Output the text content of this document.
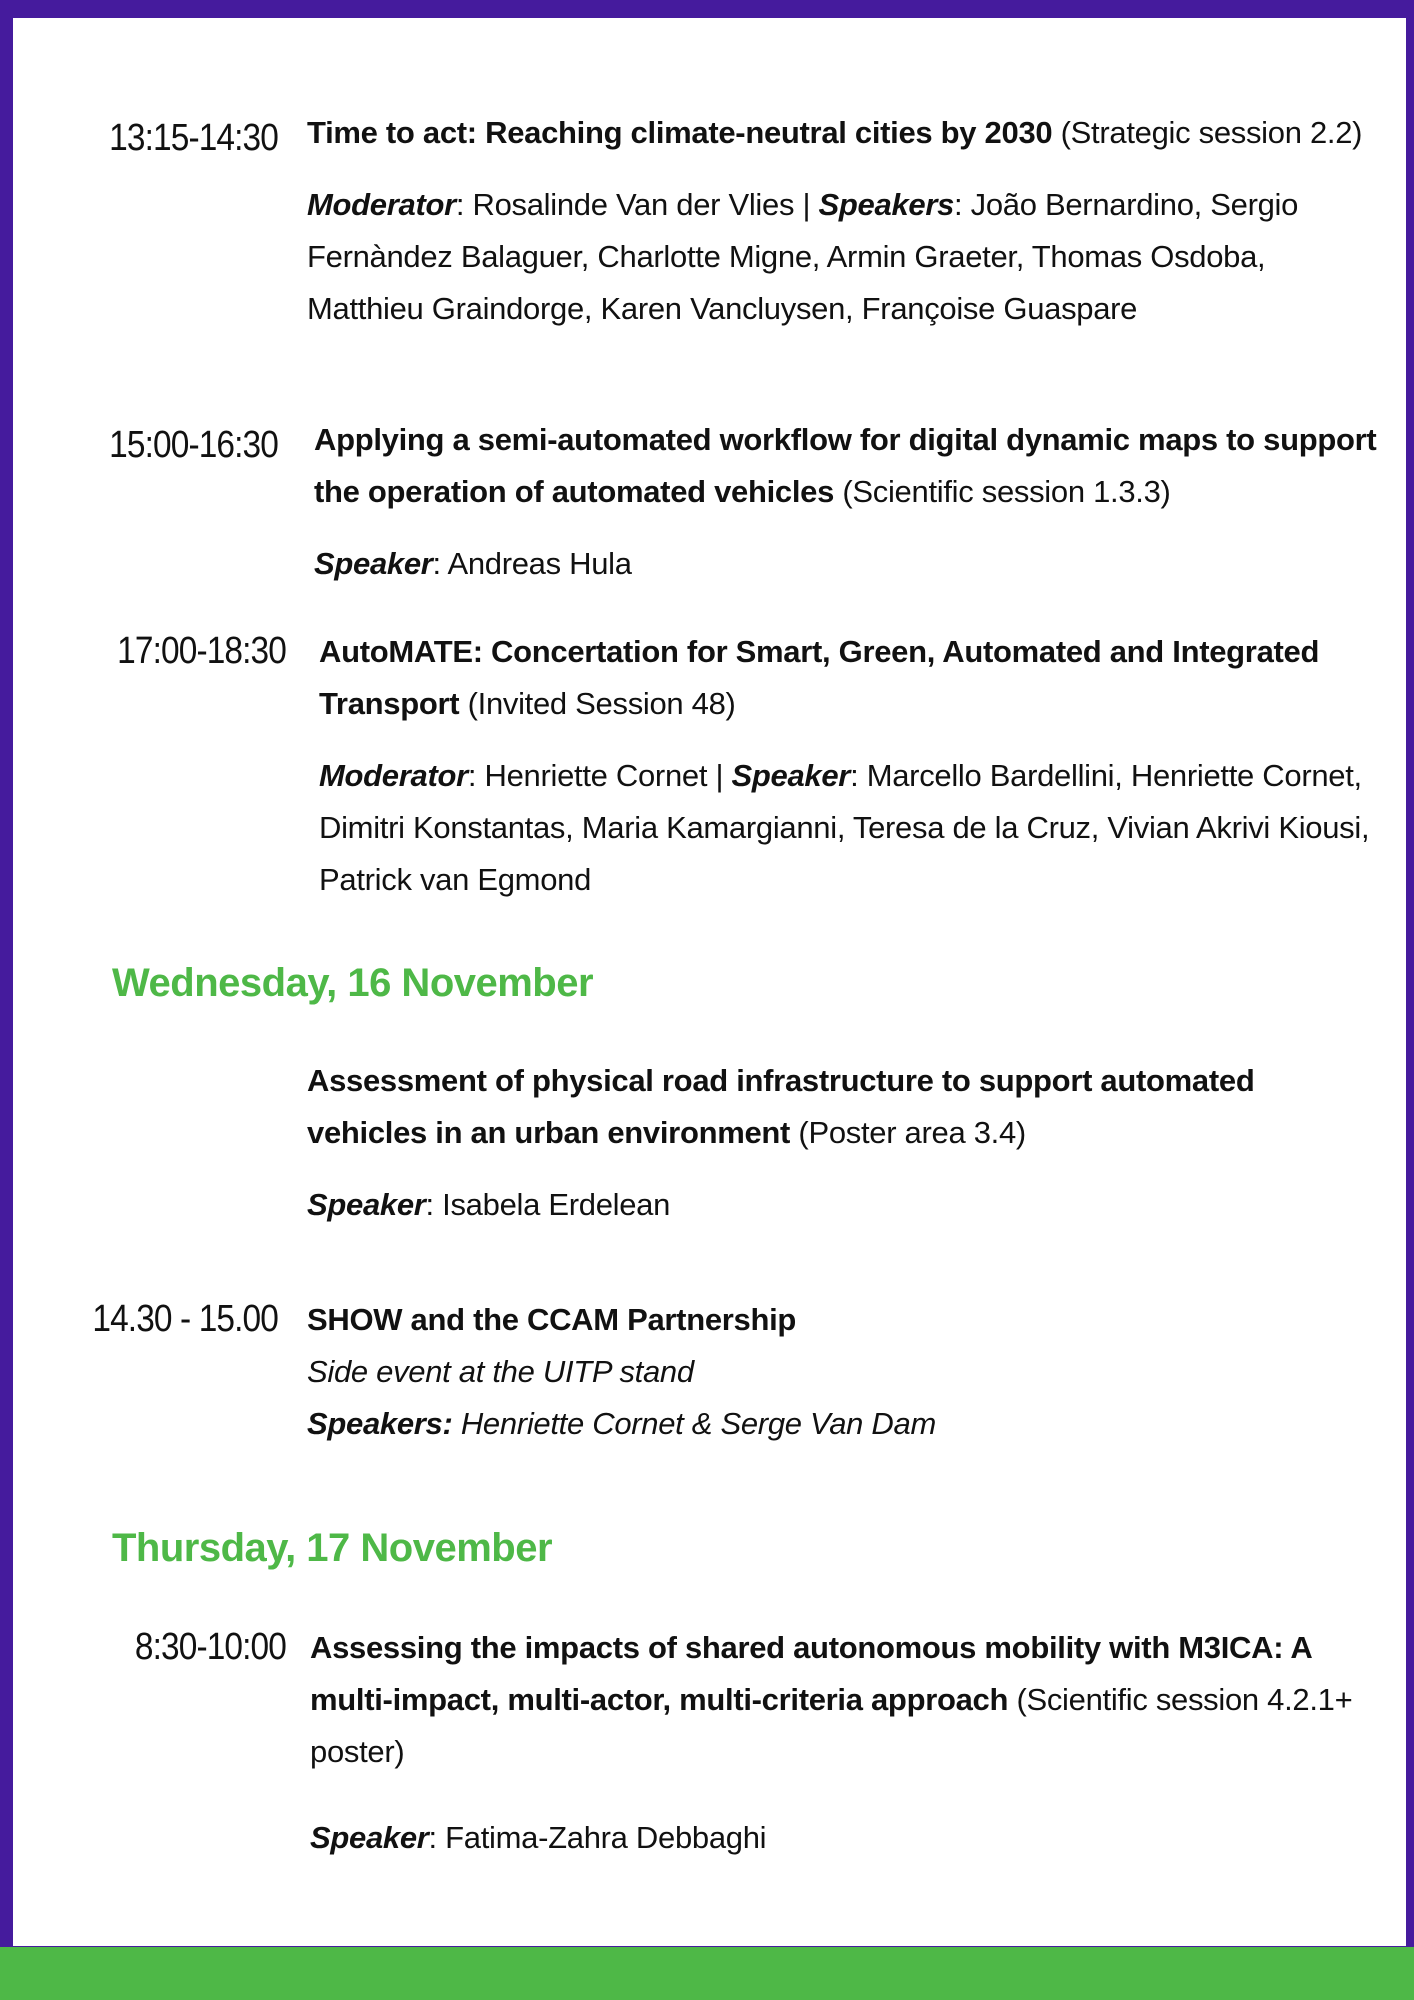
13:15-14:30 Time to act: Reaching climate-neutral cities by 2030 (Strategic session 2.2)

Moderator: Rosalinde Van der Vlies | Speakers: João Bernardino, Sergio Fernàndez Balaguer, Charlotte Migne, Armin Graeter, Thomas Osdoba, Matthieu Graindorge, Karen Vancluysen, Françoise Guaspare

15:00-16:30 Applying a semi-automated workflow for digital dynamic maps to support the operation of automated vehicles (Scientific session 1.3.3)

Speaker: Andreas Hula

17:00-18:30 AutoMATE: Concertation for Smart, Green, Automated and Integrated Transport (Invited Session 48)

Moderator: Henriette Cornet | Speaker: Marcello Bardellini, Henriette Cornet, Dimitri Konstantas, Maria Kamargianni, Teresa de la Cruz, Vivian Akrivi Kiousi, Patrick van Egmond

Wednesday, 16 November

Assessment of physical road infrastructure to support automated vehicles in an urban environment (Poster area 3.4)

Speaker: Isabela Erdelean

14.30 - 15.00 SHOW and the CCAM Partnership

Side event at the UITP stand

Speakers: Henriette Cornet & Serge Van Dam

Thursday, 17 November
8:30-10:00 Assessing the impacts of shared autonomous mobility with M3ICA: A multi-impact, multi-actor, multi-criteria approach (Scientific session 4.2.1+ poster)

Speaker: Fatima-Zahra Debbaghi
